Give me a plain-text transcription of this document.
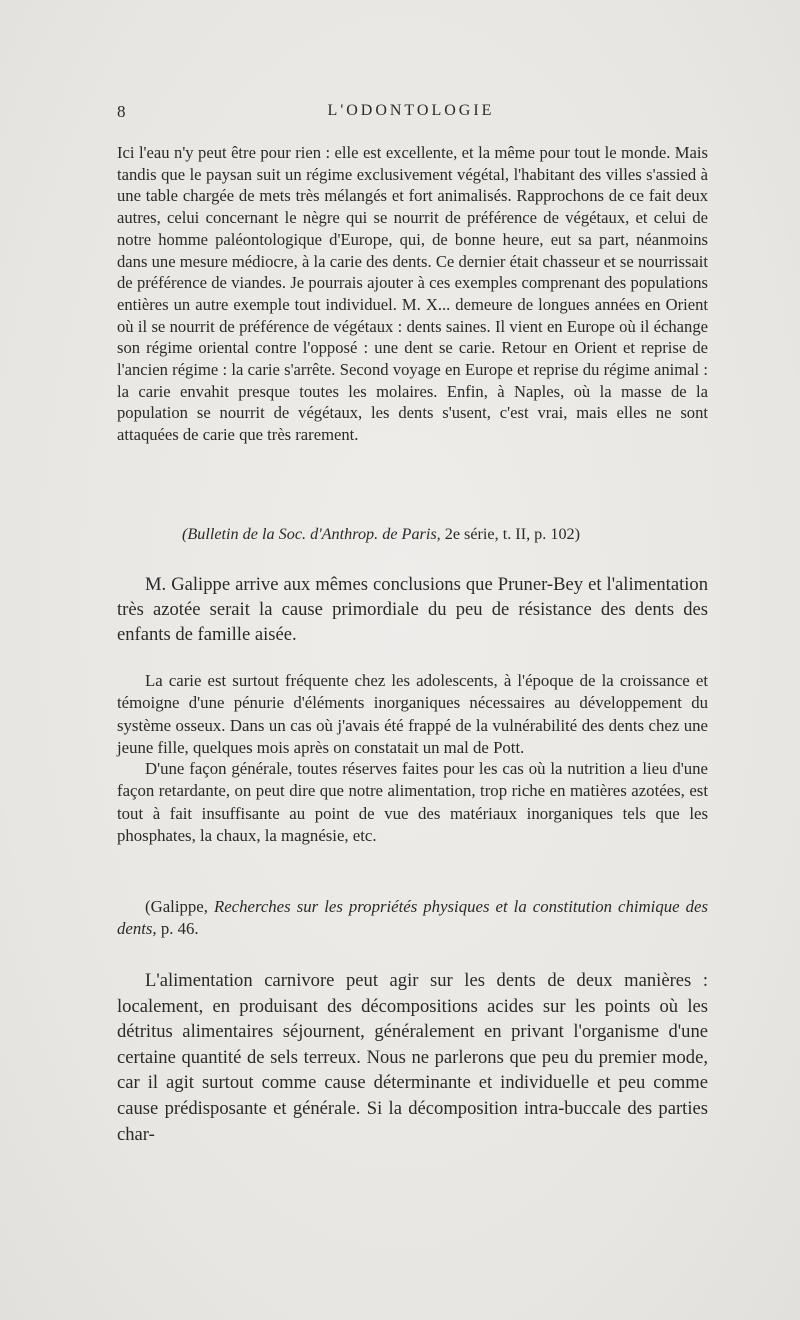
8	L'ODONTOLOGIE
Ici l'eau n'y peut être pour rien : elle est excellente, et la même pour tout le monde. Mais tandis que le paysan suit un régime exclusivement végétal, l'habitant des villes s'assied à une table chargée de mets très mélangés et fort animalisés. Rapprochons de ce fait deux autres, celui concernant le nègre qui se nourrit de préférence de végétaux, et celui de notre homme paléontologique d'Europe, qui, de bonne heure, eut sa part, néanmoins dans une mesure médiocre, à la carie des dents. Ce dernier était chasseur et se nourrissait de préférence de viandes. Je pourrais ajouter à ces exemples comprenant des populations entières un autre exemple tout individuel. M. X... demeure de longues années en Orient où il se nourrit de préférence de végétaux : dents saines. Il vient en Europe où il échange son régime oriental contre l'opposé : une dent se carie. Retour en Orient et reprise de l'ancien régime : la carie s'arrête. Second voyage en Europe et reprise du régime animal : la carie envahit presque toutes les molaires. Enfin, à Naples, où la masse de la population se nourrit de végétaux, les dents s'usent, c'est vrai, mais elles ne sont attaquées de carie que très rarement.
(Bulletin de la Soc. d'Anthrop. de Paris, 2e série, t. II, p. 102)
M. Galippe arrive aux mêmes conclusions que Pruner-Bey et l'alimentation très azotée serait la cause primordiale du peu de résistance des dents des enfants de famille aisée.
La carie est surtout fréquente chez les adolescents, à l'époque de la croissance et témoigne d'une pénurie d'éléments inorganiques nécessaires au développement du système osseux. Dans un cas où j'avais été frappé de la vulnérabilité des dents chez une jeune fille, quelques mois après on constatait un mal de Pott.
D'une façon générale, toutes réserves faites pour les cas où la nutrition a lieu d'une façon retardante, on peut dire que notre alimentation, trop riche en matières azotées, est tout à fait insuffisante au point de vue des matériaux inorganiques tels que les phosphates, la chaux, la magnésie, etc.
(Galippe, Recherches sur les propriétés physiques et la constitution chimique des dents, p. 46.
L'alimentation carnivore peut agir sur les dents de deux manières : localement, en produisant des décompositions acides sur les points où les détritus alimentaires séjournent, généralement en privant l'organisme d'une certaine quantité de sels terreux. Nous ne parlerons que peu du premier mode, car il agit surtout comme cause déterminante et individuelle et peu comme cause prédisposante et générale. Si la décomposition intra-buccale des parties char-
